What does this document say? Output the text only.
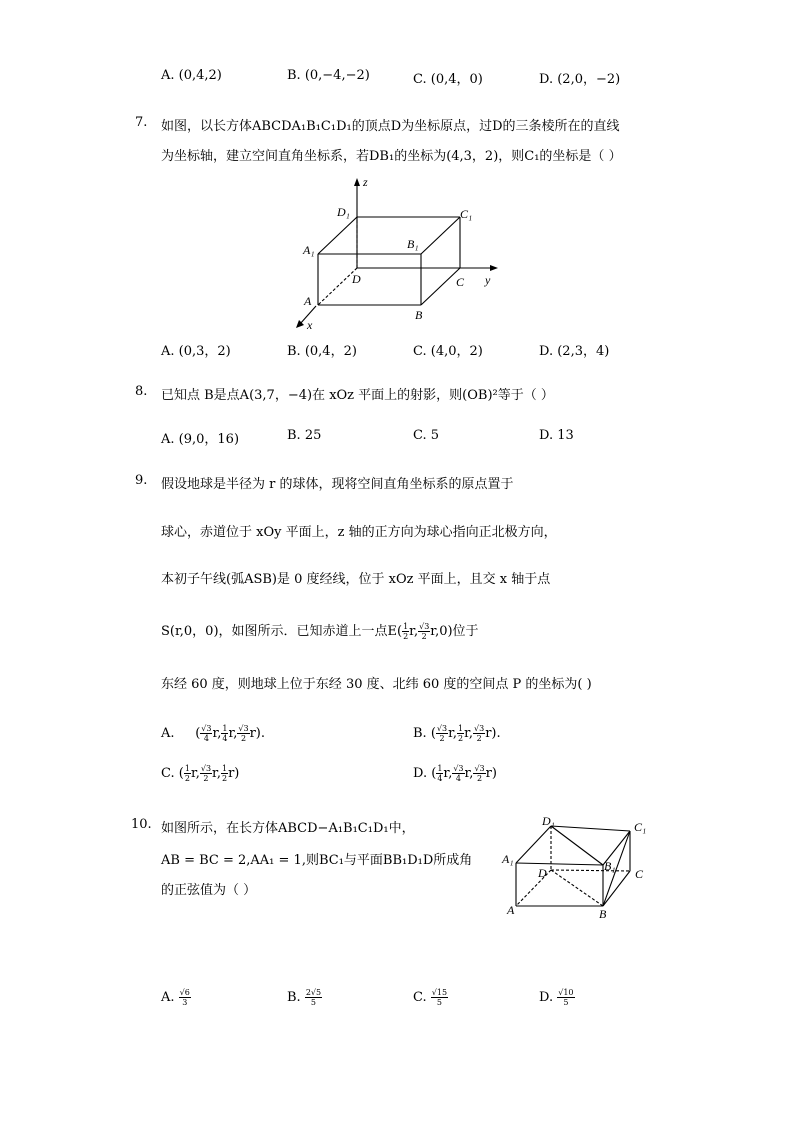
A. (0,4,2)	B. (0,−4,−2)	C. (0,4，0)	D. (2,0，−2)
7. 如图，以长方体ABCDA₁B₁C₁D₁的顶点D为坐标原点，过D的三条棱所在的直线
为坐标轴，建立空间直角坐标系，若DB₁的坐标为(4,3，2)，则C₁的坐标是（ ）
z
y
x
D₁	C₁
A₁	B₁
D	C
A
B
A. (0,3，2)	B. (0,4，2)	C. (4,0，2)	D. (2,3，4)
8. 已知点 B是点A(3,7，−4)在 xOz 平面上的射影，则(OB)²等于（ ）
A. (9,0，16)	B. 25	C. 5	D. 13
9. 假设地球是半径为 r 的球体，现将空间直角坐标系的原点置于
球心，赤道位于 xOy 平面上，z 轴的正方向为球心指向正北极方向，
本初子午线(弧ASB)是 0 度经线，位于 xOz 平面上，且交 x 轴于点
S(r,0，0)，如图所示．已知赤道上一点$E( \frac{1}{2} r$, $\frac{√3}{2} r,0$)位于
东经 60 度，则地球上位于东经 30 度、北纬 60 度的空间点 P 的坐标为( )
A. ( $\frac{√3}{4} r$, $\frac{1}{4} r$, $\frac{√3}{2} r$).	B. ( $\frac{√3}{2} r$, $\frac{1}{2} r$, $\frac{√3}{2} r$).
C. ( $\frac{1}{2} r$, $\frac{√3}{2} r$, $\frac{1}{2} r$)	D. ( $\frac{1}{4} r$, $\frac{√3}{4} r$, $\frac{√3}{2} r$)
10. 如图所示，在长方体ABCD−A₁B₁C₁D₁中，
AB = BC = 2,AA₁ = 1,则BC₁与平面BB₁D₁D所成角
的正弦值为（ ）
D₁	C₁
A₁	B₁
D	C
A	B
A. $\frac{√6}{3}$	B. $\frac{2√5}{5}$	C. $\frac{√15}{5}$	D. $\frac{√10}{5}$
